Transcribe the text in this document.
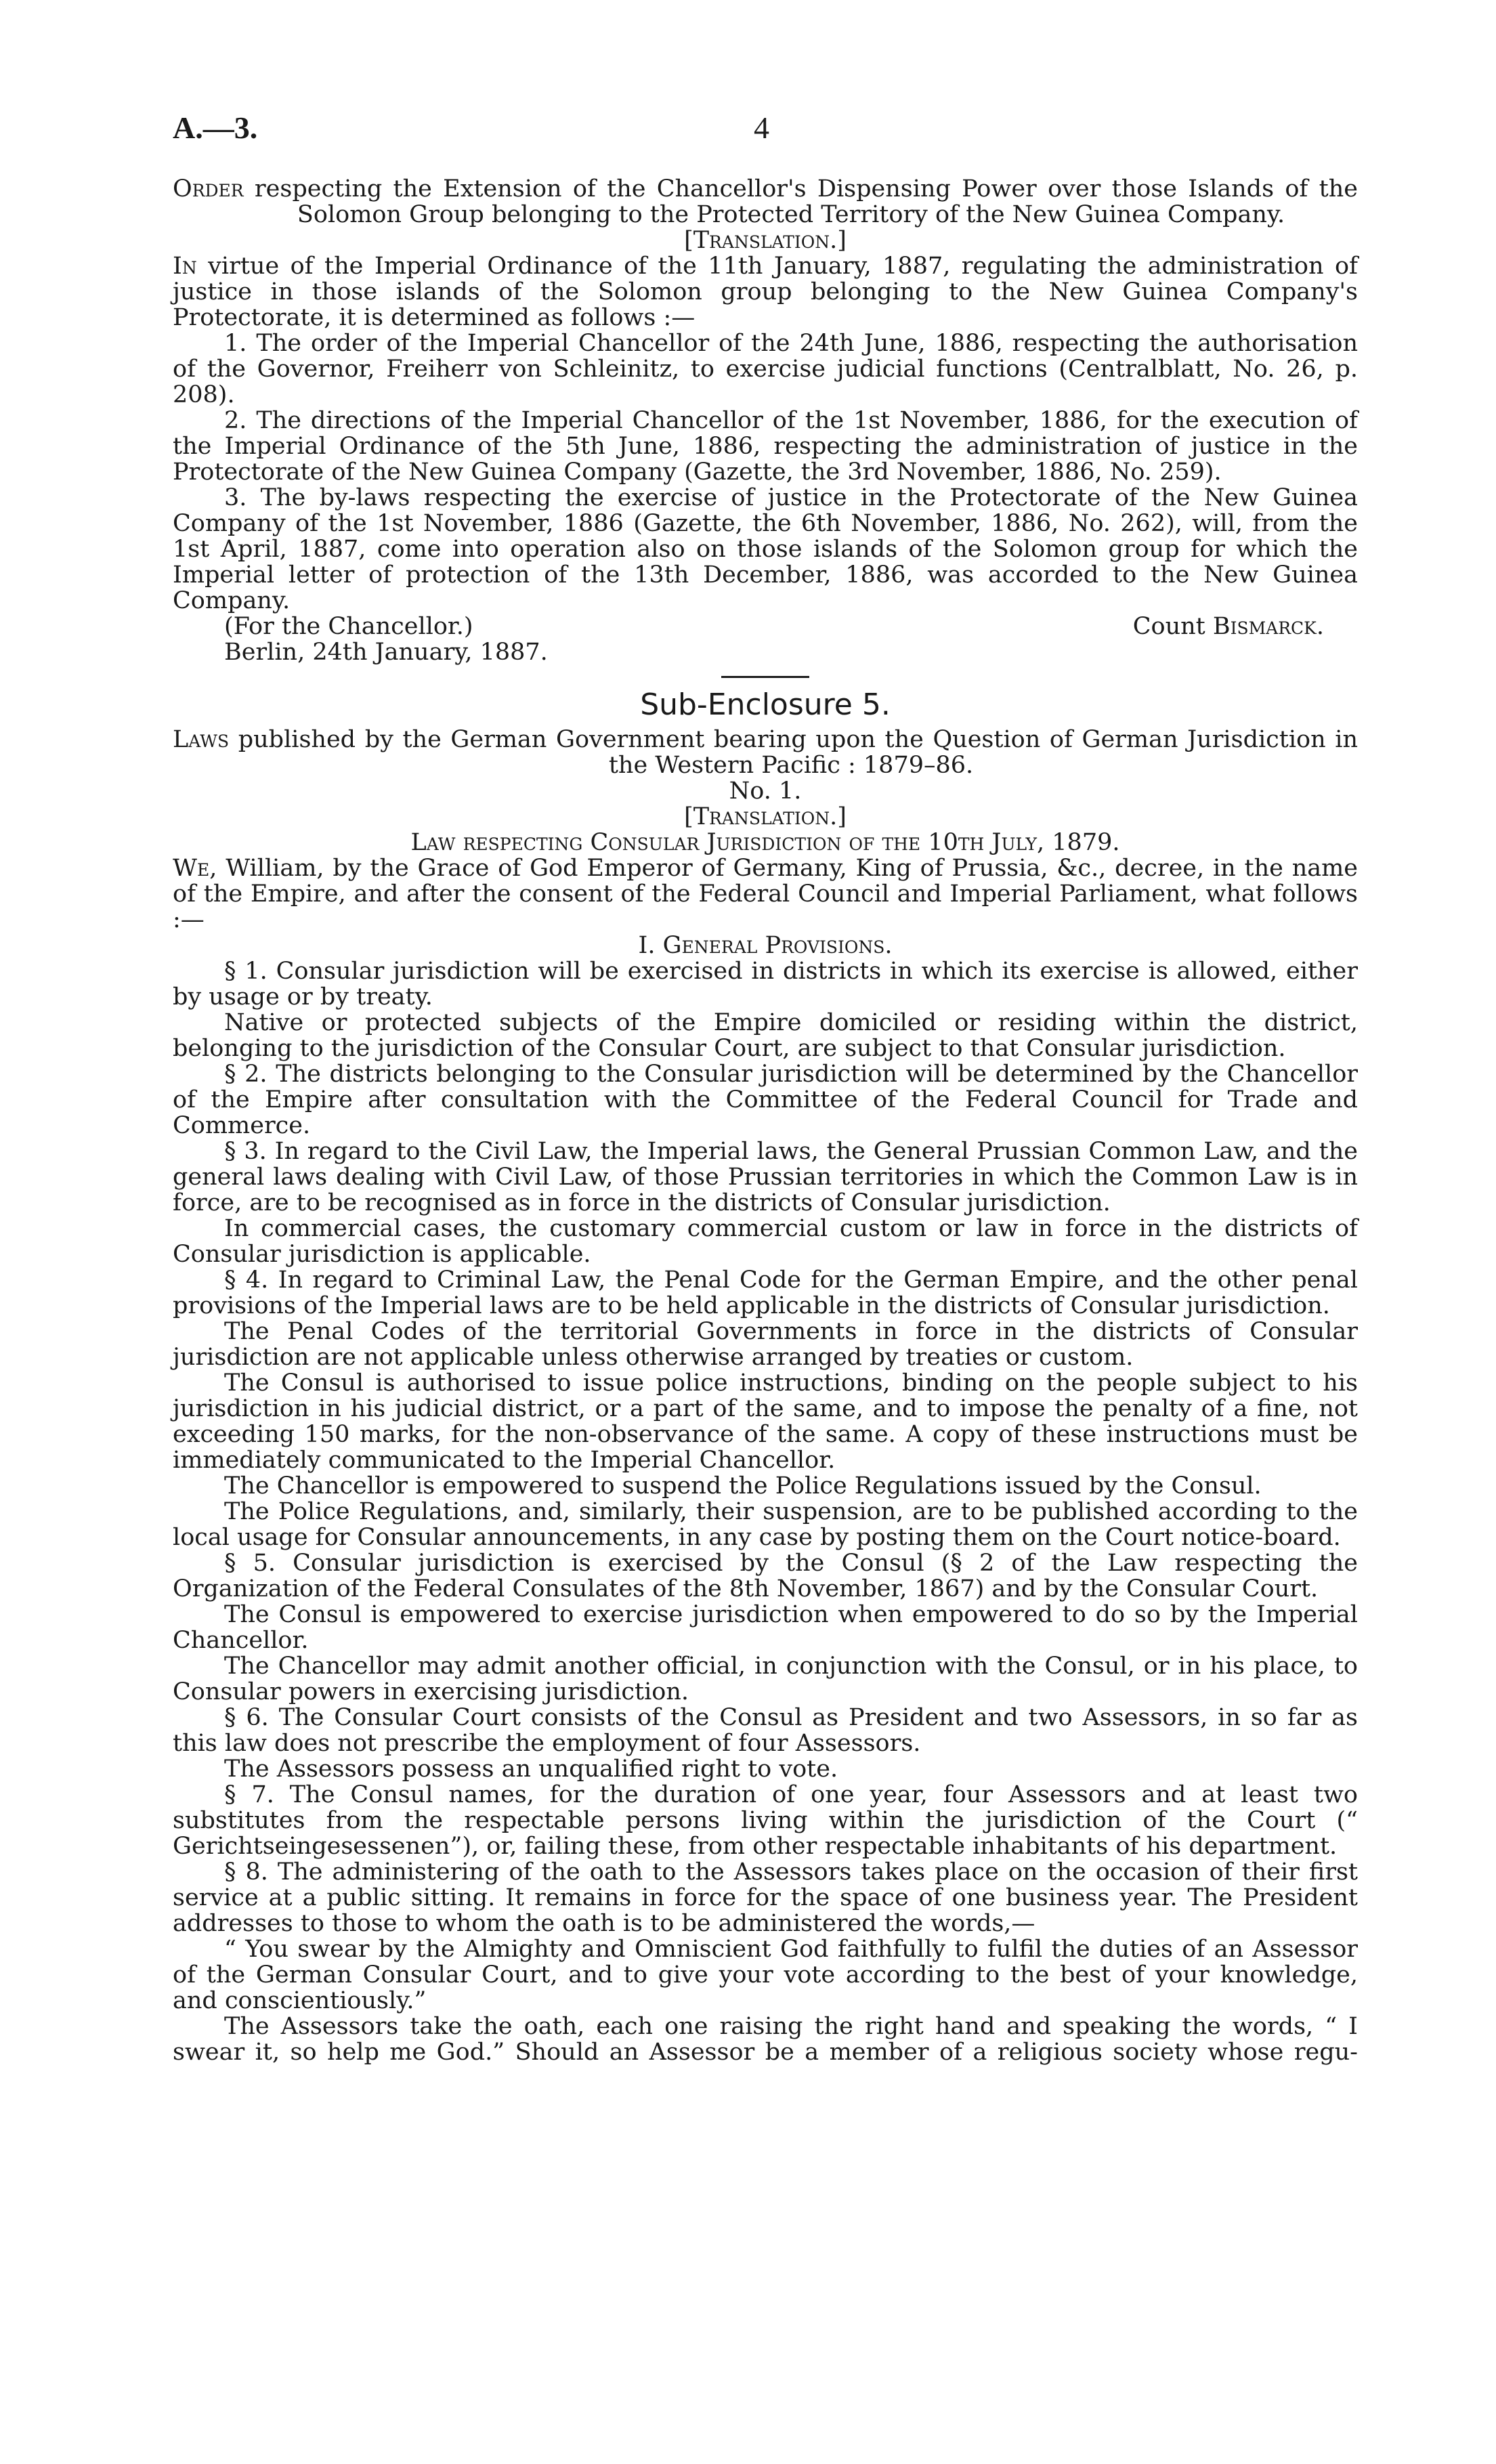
A.—3.	4

Order respecting the Extension of the Chancellor's Dispensing Power over those Islands of the Solomon Group belonging to the Protected Territory of the New Guinea Company.

[Translation.]

In virtue of the Imperial Ordinance of the 11th January, 1887, regulating the administration of justice in those islands of the Solomon group belonging to the New Guinea Company's Protectorate, it is determined as follows :—

1. The order of the Imperial Chancellor of the 24th June, 1886, respecting the authorisation of the Governor, Freiherr von Schleinitz, to exercise judicial functions (Centralblatt, No. 26, p. 208).

2. The directions of the Imperial Chancellor of the 1st November, 1886, for the execution of the Imperial Ordinance of the 5th June, 1886, respecting the administration of justice in the Protectorate of the New Guinea Company (Gazette, the 3rd November, 1886, No. 259).

3. The by-laws respecting the exercise of justice in the Protectorate of the New Guinea Company of the 1st November, 1886 (Gazette, the 6th November, 1886, No. 262), will, from the 1st April, 1887, come into operation also on those islands of the Solomon group for which the Imperial letter of protection of the 13th December, 1886, was accorded to the New Guinea Company.

(For the Chancellor.)	Count Bismarck.

Berlin, 24th January, 1887.

Sub-Enclosure 5.

Laws published by the German Government bearing upon the Question of German Jurisdiction in the Western Pacific : 1879–86.

No. 1.

[Translation.]

Law respecting Consular Jurisdiction of the 10th July, 1879.

We, William, by the Grace of God Emperor of Germany, King of Prussia, &c., decree, in the name of the Empire, and after the consent of the Federal Council and Imperial Parliament, what follows :—

I. General Provisions.

§ 1. Consular jurisdiction will be exercised in districts in which its exercise is allowed, either by usage or by treaty.

Native or protected subjects of the Empire domiciled or residing within the district, belonging to the jurisdiction of the Consular Court, are subject to that Consular jurisdiction.

§ 2. The districts belonging to the Consular jurisdiction will be determined by the Chancellor of the Empire after consultation with the Committee of the Federal Council for Trade and Commerce.

§ 3. In regard to the Civil Law, the Imperial laws, the General Prussian Common Law, and the general laws dealing with Civil Law, of those Prussian territories in which the Common Law is in force, are to be recognised as in force in the districts of Consular jurisdiction.

In commercial cases, the customary commercial custom or law in force in the districts of Consular jurisdiction is applicable.

§ 4. In regard to Criminal Law, the Penal Code for the German Empire, and the other penal provisions of the Imperial laws are to be held applicable in the districts of Consular jurisdiction.

The Penal Codes of the territorial Governments in force in the districts of Consular jurisdiction are not applicable unless otherwise arranged by treaties or custom.

The Consul is authorised to issue police instructions, binding on the people subject to his jurisdiction in his judicial district, or a part of the same, and to impose the penalty of a fine, not exceeding 150 marks, for the non-observance of the same. A copy of these instructions must be immediately communicated to the Imperial Chancellor.

The Chancellor is empowered to suspend the Police Regulations issued by the Consul.

The Police Regulations, and, similarly, their suspension, are to be published according to the local usage for Consular announcements, in any case by posting them on the Court notice-board.

§ 5. Consular jurisdiction is exercised by the Consul (§ 2 of the Law respecting the Organization of the Federal Consulates of the 8th November, 1867) and by the Consular Court.

The Consul is empowered to exercise jurisdiction when empowered to do so by the Imperial Chancellor.

The Chancellor may admit another official, in conjunction with the Consul, or in his place, to Consular powers in exercising jurisdiction.

§ 6. The Consular Court consists of the Consul as President and two Assessors, in so far as this law does not prescribe the employment of four Assessors.

The Assessors possess an unqualified right to vote.

§ 7. The Consul names, for the duration of one year, four Assessors and at least two substitutes from the respectable persons living within the jurisdiction of the Court (“ Gerichtseingesessenen”), or, failing these, from other respectable inhabitants of his department.

§ 8. The administering of the oath to the Assessors takes place on the occasion of their first service at a public sitting. It remains in force for the space of one business year. The President addresses to those to whom the oath is to be administered the words,—

“ You swear by the Almighty and Omniscient God faithfully to fulfil the duties of an Assessor of the German Consular Court, and to give your vote according to the best of your knowledge, and conscientiously.”

The Assessors take the oath, each one raising the right hand and speaking the words, “ I swear it, so help me God.” Should an Assessor be a member of a religious society whose regu-
